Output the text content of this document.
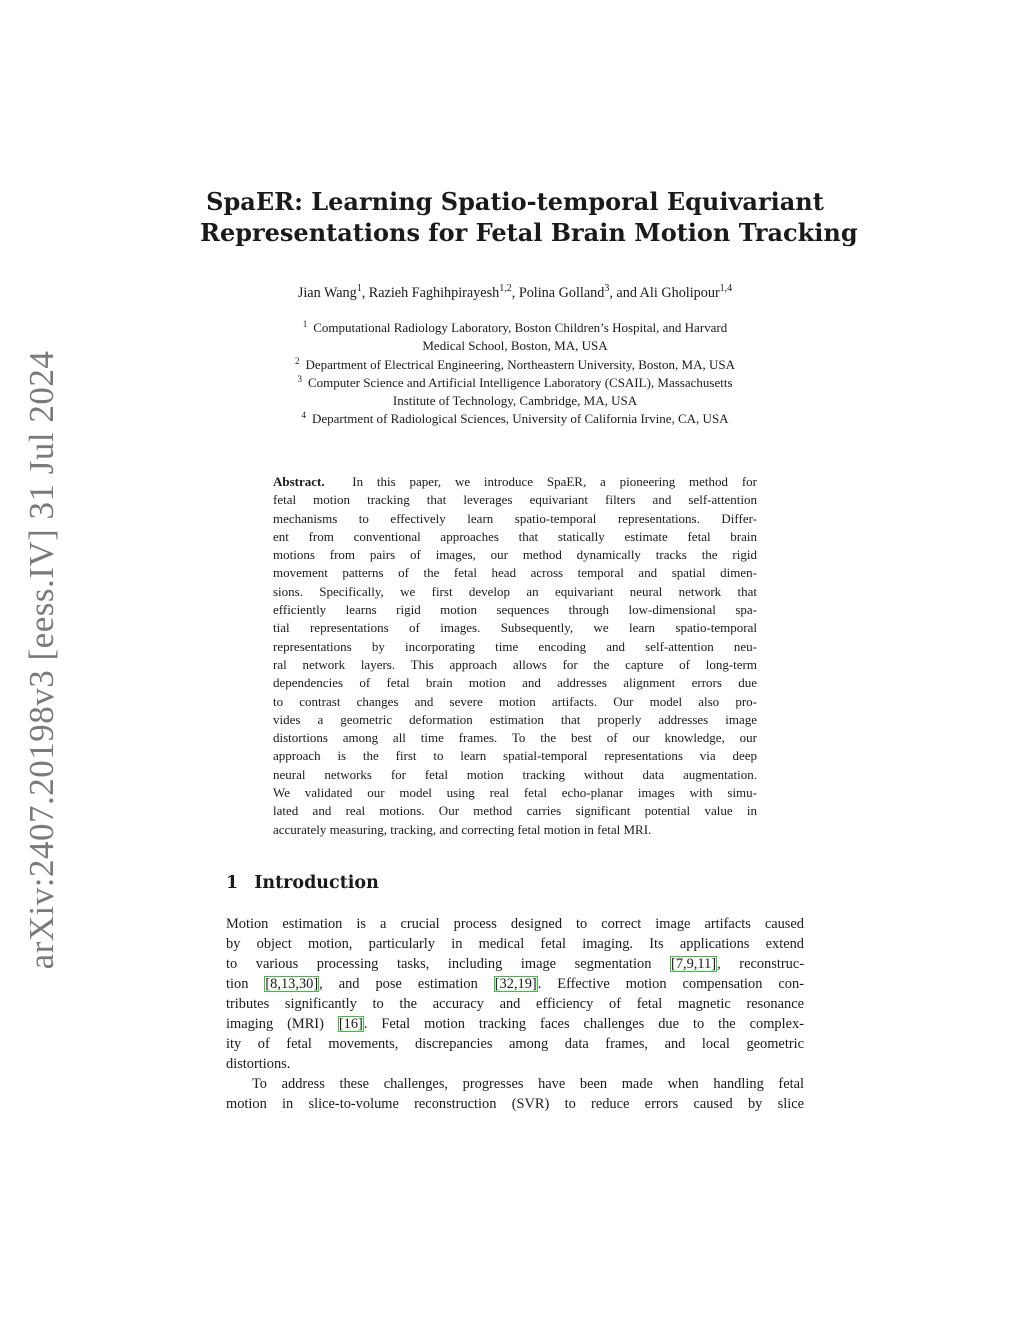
arXiv:2407.20198v3 [eess.IV] 31 Jul 2024
SpaER: Learning Spatio-temporal Equivariant
Representations for Fetal Brain Motion Tracking
Jian Wang$^1$, Razieh Faghihpirayesh$^{1,2}$, Polina Golland$^3$, and Ali Gholipour$^{1,4}$
$^1$ Computational Radiology Laboratory, Boston Children’s Hospital, and Harvard
Medical School, Boston, MA, USA
$^2$ Department of Electrical Engineering, Northeastern University, Boston, MA, USA
$^3$ Computer Science and Artificial Intelligence Laboratory (CSAIL), Massachusetts
Institute of Technology, Cambridge, MA, USA
$^4$ Department of Radiological Sciences, University of California Irvine, CA, USA
Abstract. In this paper, we introduce SpaER, a pioneering method for
fetal motion tracking that leverages equivariant filters and self-attention
mechanisms to effectively learn spatio-temporal representations. Differ-
ent from conventional approaches that statically estimate fetal brain
motions from pairs of images, our method dynamically tracks the rigid
movement patterns of the fetal head across temporal and spatial dimen-
sions. Specifically, we first develop an equivariant neural network that
efficiently learns rigid motion sequences through low-dimensional spa-
tial representations of images. Subsequently, we learn spatio-temporal
representations by incorporating time encoding and self-attention neu-
ral network layers. This approach allows for the capture of long-term
dependencies of fetal brain motion and addresses alignment errors due
to contrast changes and severe motion artifacts. Our model also pro-
vides a geometric deformation estimation that properly addresses image
distortions among all time frames. To the best of our knowledge, our
approach is the first to learn spatial-temporal representations via deep
neural networks for fetal motion tracking without data augmentation.
We validated our model using real fetal echo-planar images with simu-
lated and real motions. Our method carries significant potential value in
accurately measuring, tracking, and correcting fetal motion in fetal MRI.
1 Introduction
Motion estimation is a crucial process designed to correct image artifacts caused
by object motion, particularly in medical fetal imaging. Its applications extend
to various processing tasks, including image segmentation [7,9,11], reconstruc-
tion [8,13,30], and pose estimation [32,19]. Effective motion compensation con-
tributes significantly to the accuracy and efficiency of fetal magnetic resonance
imaging (MRI) [16]. Fetal motion tracking faces challenges due to the complex-
ity of fetal movements, discrepancies among data frames, and local geometric
distortions.
To address these challenges, progresses have been made when handling fetal
motion in slice-to-volume reconstruction (SVR) to reduce errors caused by slice
